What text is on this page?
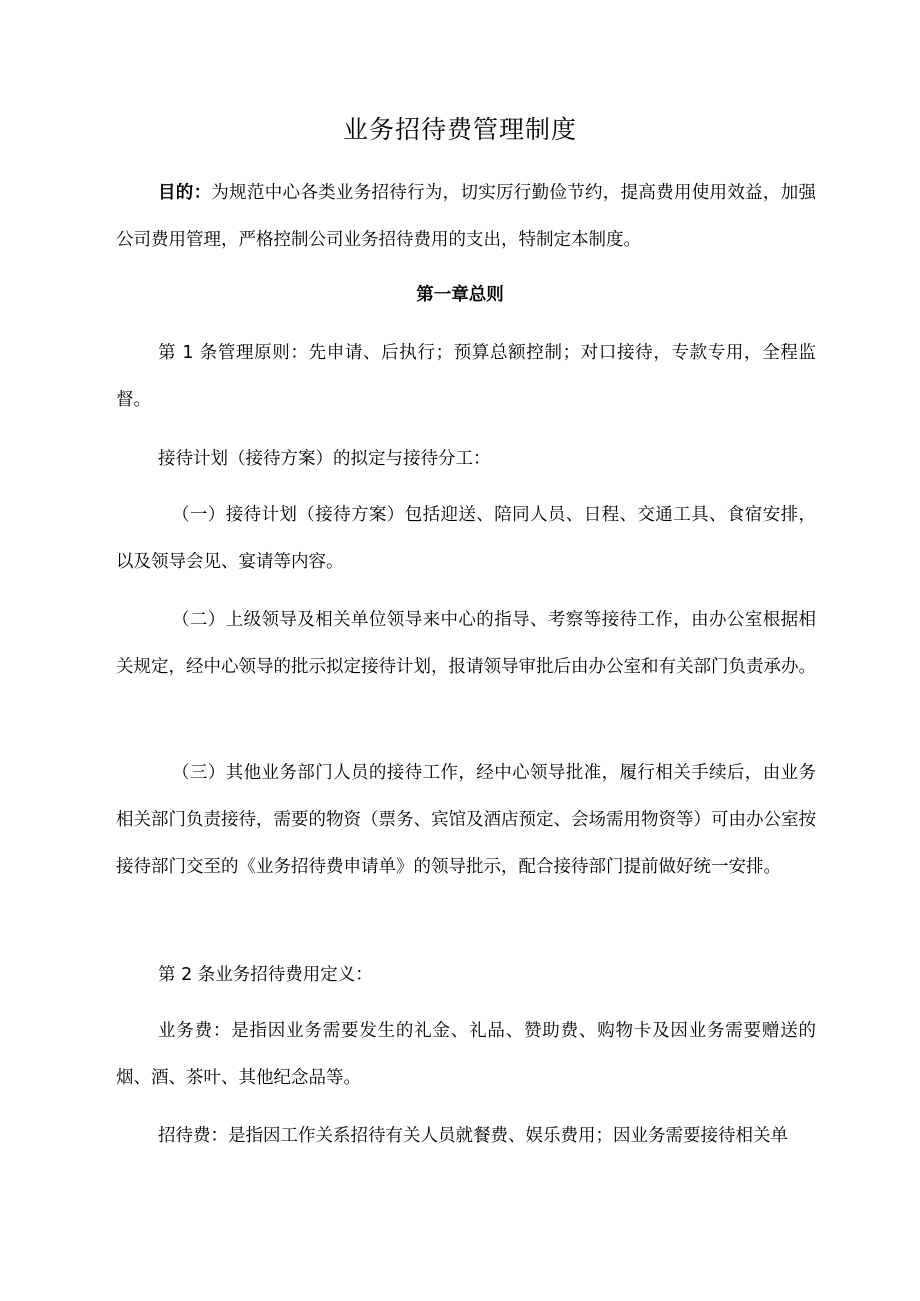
业务招待费管理制度
目的：为规范中心各类业务招待行为，切实厉行勤俭节约，提高费用使用效益，加强公司费用管理，严格控制公司业务招待费用的支出，特制定本制度。
第一章总则
第 1 条管理原则：先申请、后执行；预算总额控制；对口接待，专款专用，全程监督。
接待计划（接待方案）的拟定与接待分工：
（一）接待计划（接待方案）包括迎送、陪同人员、日程、交通工具、食宿安排，以及领导会见、宴请等内容。
（二）上级领导及相关单位领导来中心的指导、考察等接待工作，由办公室根据相关规定，经中心领导的批示拟定接待计划，报请领导审批后由办公室和有关部门负责承办。
（三）其他业务部门人员的接待工作，经中心领导批准，履行相关手续后，由业务相关部门负责接待，需要的物资（票务、宾馆及酒店预定、会场需用物资等）可由办公室按接待部门交至的《业务招待费申请单》的领导批示，配合接待部门提前做好统一安排。
第 2 条业务招待费用定义：
业务费：是指因业务需要发生的礼金、礼品、赞助费、购物卡及因业务需要赠送的烟、酒、茶叶、其他纪念品等。
招待费：是指因工作关系招待有关人员就餐费、娱乐费用；因业务需要接待相关单
